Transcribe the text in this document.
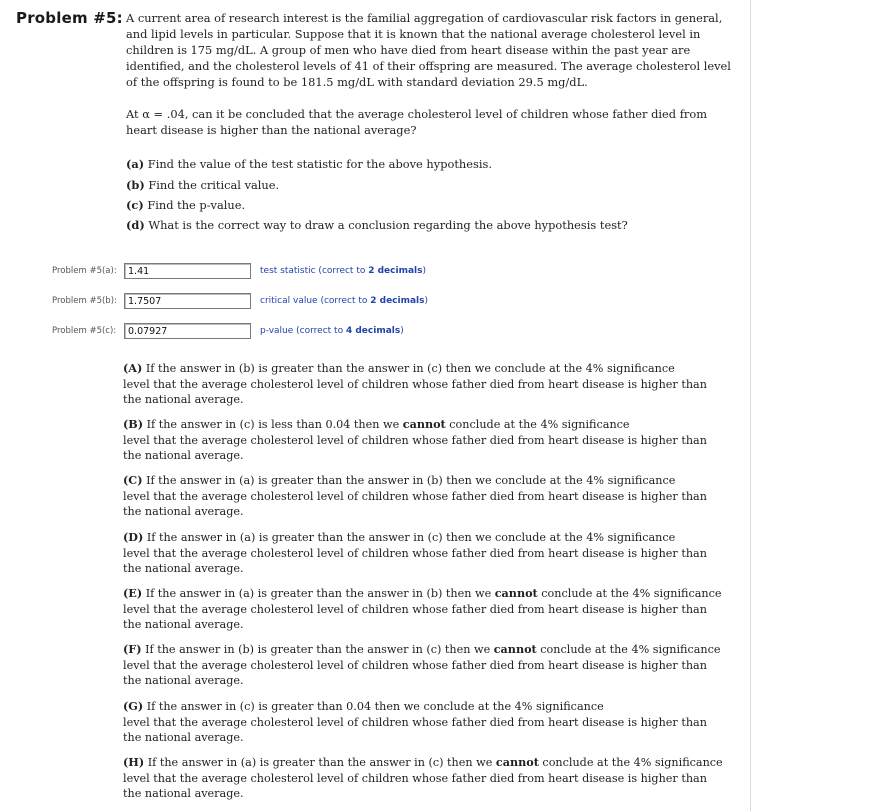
Problem #5: A current area of research interest is the familial aggregation of cardiovascular risk factors in general, and lipid levels in particular. Suppose that it is known that the national average cholesterol level in children is 175 mg/dL. A group of men who have died from heart disease within the past year are identified, and the cholesterol levels of 41 of their offspring are measured. The average cholesterol level of the offspring is found to be 181.5 mg/dL with standard deviation 29.5 mg/dL.
At α = .04, can it be concluded that the average cholesterol level of children whose father died from heart disease is higher than the national average?
(a) Find the value of the test statistic for the above hypothesis.
(b) Find the critical value.
(c) Find the p-value.
(d) What is the correct way to draw a conclusion regarding the above hypothesis test?
Problem #5(a):
1.41	test statistic (correct to 2 decimals)
Problem #5(b):
1.7507	critical value (correct to 2 decimals)
Problem #5(c):
0.07927	p-value (correct to 4 decimals)
(A) If the answer in (b) is greater than the answer in (c) then we conclude at the 4% significance
level that the average cholesterol level of children whose father died from heart disease is higher than the national average.
(B) If the answer in (c) is less than 0.04 then we cannot conclude at the 4% significance
level that the average cholesterol level of children whose father died from heart disease is higher than the national average.
(C) If the answer in (a) is greater than the answer in (b) then we conclude at the 4% significance
level that the average cholesterol level of children whose father died from heart disease is higher than the national average.
(D) If the answer in (a) is greater than the answer in (c) then we conclude at the 4% significance
level that the average cholesterol level of children whose father died from heart disease is higher than the national average.
(E) If the answer in (a) is greater than the answer in (b) then we cannot conclude at the 4% significance
level that the average cholesterol level of children whose father died from heart disease is higher than the national average.
(F) If the answer in (b) is greater than the answer in (c) then we cannot conclude at the 4% significance
level that the average cholesterol level of children whose father died from heart disease is higher than the national average.
(G) If the answer in (c) is greater than 0.04 then we conclude at the 4% significance
level that the average cholesterol level of children whose father died from heart disease is higher than the national average.
(H) If the answer in (a) is greater than the answer in (c) then we cannot conclude at the 4% significance
level that the average cholesterol level of children whose father died from heart disease is higher than the national average.
